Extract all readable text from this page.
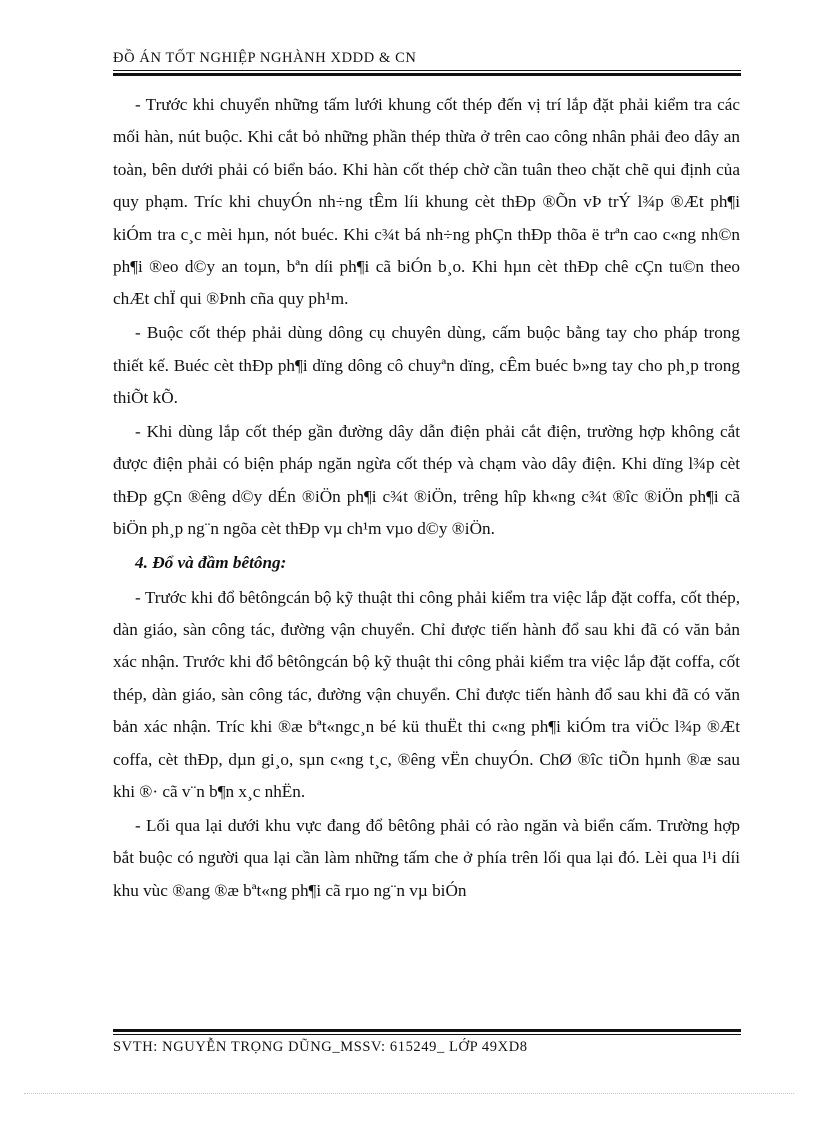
ĐỒ ÁN TỐT NGHIỆP NGHÀNH XDDD & CN

- Trước khi chuyển những tấm lưới khung cốt thép đến vị trí lắp đặt phải kiểm tra các mối hàn, nút buộc. Khi cắt bỏ những phần thép thừa ở trên cao công nhân phải đeo dây an toàn, bên dưới phải có biển báo. Khi hàn cốt thép chờ cần tuân theo chặt chẽ qui định của quy phạm. Tríc khi chuyÓn nh÷ng tÊm líi khung cèt thÐp ®Õn vÞ trÝ l¾p ®Æt ph¶i kiÓm tra c¸c mèi hµn, nót buéc. Khi c¾t bá nh÷ng phÇn thÐp thõa ë trªn cao c«ng nh©n ph¶i ®eo d©y an toµn, bªn díi ph¶i cã biÓn b¸o. Khi hµn cèt thÐp chê cÇn tu©n theo chÆt chÏ qui ®Þnh cña quy ph¹m.

- Buộc cốt thép phải dùng dông cụ chuyên dùng, cấm buộc bằng tay cho pháp trong thiết kế. Buéc cèt thÐp ph¶i dïng dông cô chuyªn dïng, cÊm buéc b»ng tay cho ph¸p trong thiÕt kÕ.

- Khi dùng lắp cốt thép gần đường dây dẫn điện phải cắt điện, trường hợp không cắt được điện phải có biện pháp ngăn ngừa cốt thép và chạm vào dây điện. Khi dïng l¾p cèt thÐp gÇn ®êng d©y dÉn ®iÖn ph¶i c¾t ®iÖn, trêng hîp kh«ng c¾t ®îc ®iÖn ph¶i cã biÖn ph¸p ng¨n ngõa cèt thÐp vµ ch¹m vµo d©y ®iÖn.

4. Đổ và đầm bêtông:

- Trước khi đổ bêtôngcán bộ kỹ thuật thi công phải kiểm tra việc lắp đặt coffa, cốt thép, dàn giáo, sàn công tác, đường vận chuyển. Chỉ được tiến hành đổ sau khi đã có văn bản xác nhận. Trước khi đổ bêtôngcán bộ kỹ thuật thi công phải kiểm tra việc lắp đặt coffa, cốt thép, dàn giáo, sàn công tác, đường vận chuyển. Chỉ được tiến hành đổ sau khi đã có văn bản xác nhận. Tríc khi ®æ bªt«ngc¸n bé kü thuËt thi c«ng ph¶i kiÓm tra viÖc l¾p ®Æt coffa, cèt thÐp, dµn gi¸o, sµn c«ng t¸c, ®êng vËn chuyÓn. ChØ ®îc tiÕn hµnh ®æ sau khi ®· cã v¨n b¶n x¸c nhËn.

- Lối qua lại dưới khu vực đang đổ bêtông phải có rào ngăn và biển cấm. Trường hợp bắt buộc có người qua lại cần làm những tấm che ở phía trên lối qua lại đó. Lèi qua l¹i díi khu vùc ®ang ®æ bªt«ng ph¶i cã rµo ng¨n vµ biÓn

SVTH: NGUYỄN TRỌNG DŨNG_MSSV: 615249_ LỚP 49XD8
